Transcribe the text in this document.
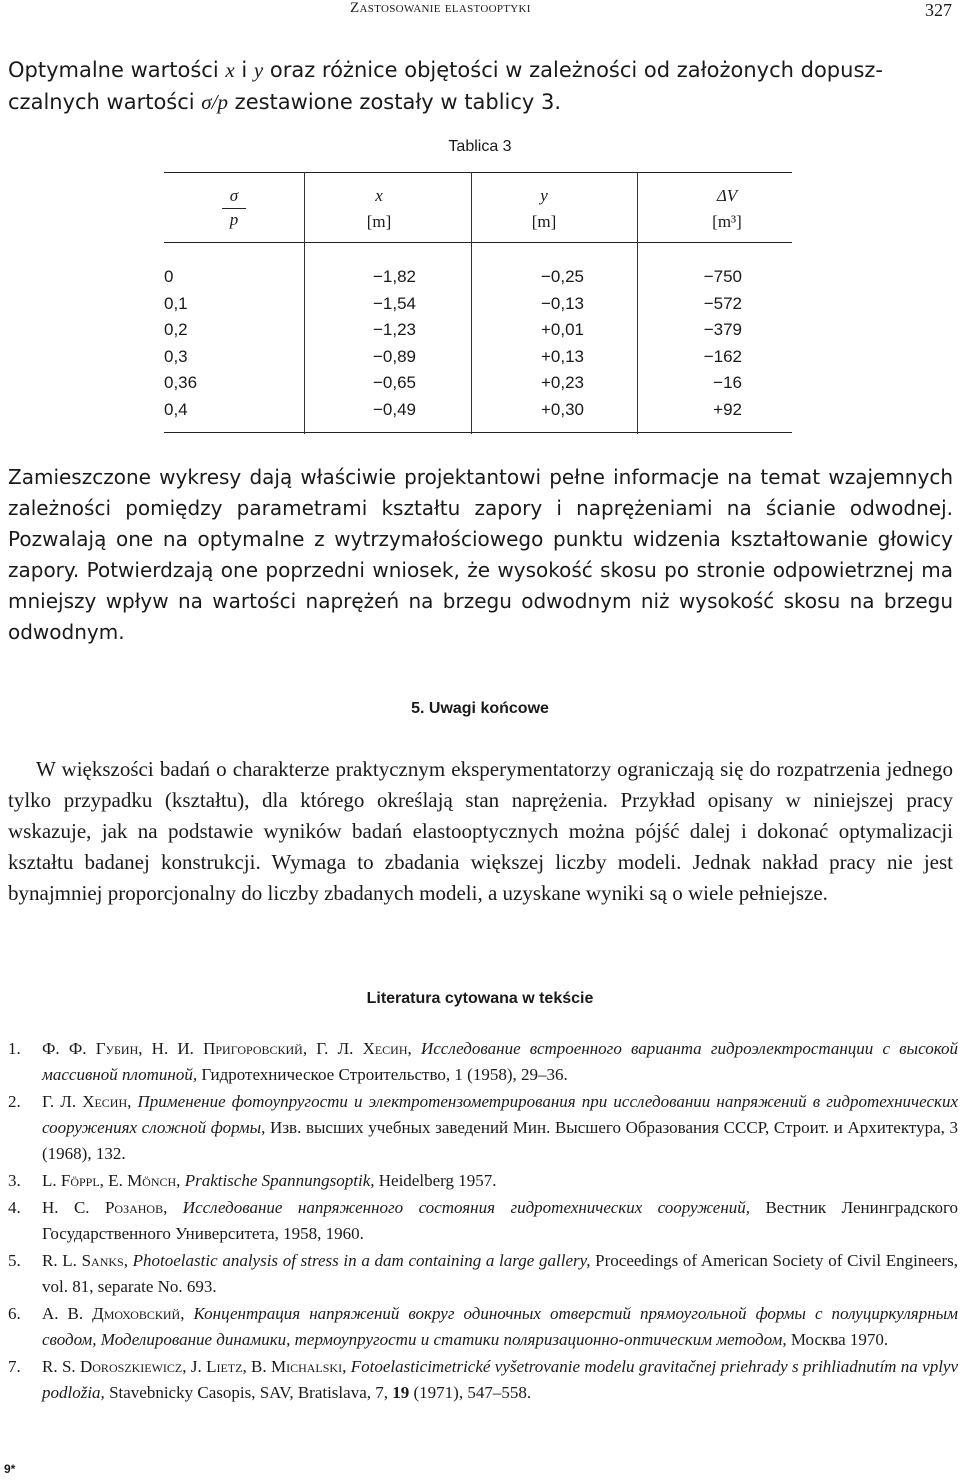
Zastosowanie elastooptyki	327
Optymalne wartości x i y oraz różnice objętości w zależności od założonych dopusz-
czalnych wartości σ/p zestawione zostały w tablicy 3.
Tablica 3
σ
p
x
[m]
y
[m]
ΔV
[m³]
0
0,1
0,2
0,3
0,36
0,4
−1,82
−1,54
−1,23
−0,89
−0,65
−0,49
−0,25
−0,13
+0,01
+0,13
+0,23
+0,30
−750
−572
−379
−162
−16
+92
Zamieszczone wykresy dają właściwie projektantowi pełne informacje na temat wzajemnych zależności pomiędzy parametrami kształtu zapory i naprężeniami na ścianie odwodnej. Pozwalają one na optymalne z wytrzymałościowego punktu widzenia kształtowanie głowicy zapory. Potwierdzają one poprzedni wniosek, że wysokość skosu po stronie odpowietrznej ma mniejszy wpływ na wartości naprężeń na brzegu odwodnym niż wysokość skosu na brzegu odwodnym.
5. Uwagi końcowe
W większości badań o charakterze praktycznym eksperymentatorzy ograniczają się do rozpatrzenia jednego tylko przypadku (kształtu), dla którego określają stan naprężenia. Przykład opisany w niniejszej pracy wskazuje, jak na podstawie wyników badań elastooptycznych można pójść dalej i dokonać optymalizacji kształtu badanej konstrukcji. Wymaga to zbadania większej liczby modeli. Jednak nakład pracy nie jest bynajmniej proporcjonalny do liczby zbadanych modeli, a uzyskane wyniki są o wiele pełniejsze.
Literatura cytowana w tekście
1. Ф. Ф. Губин, Н. И. Пригоровский, Г. Л. Хесин, Исследование встроенного варианта гидроэлектростанции с высокой массивной плотиной, Гидротехническое Строительство, 1 (1958), 29–36.
2. Г. Л. Хесин, Применение фотоупругости и электротензометрирования при исследовании напряжений в гидротехнических сооружениях сложной формы, Изв. высших учебных заведений Мин. Высшего Образования СССР, Строит. и Архитектура, 3 (1968), 132.
3. L. Föppl, E. Mönch, Praktische Spannungsoptik, Heidelberg 1957.
4. Н. С. Розанов, Исследование напряженного состояния гидротехнических сооружений, Вестник Ленинградского Государственного Университета, 1958, 1960.
5. R. L. Sanks, Photoelastic analysis of stress in a dam containing a large gallery, Proceedings of American Society of Civil Engineers, vol. 81, separate No. 693.
6. А. В. Дмоховский, Концентрация напряжений вокруг одиночных отверстий прямоугольной формы с полуциркулярным сводом, Моделирование динамики, термоупругости и статики поляризационно-оптическим методом, Москва 1970.
7. R. S. Doroszkiewicz, J. Lietz, B. Michalski, Fotoelasticimetrické vyšetrovanie modelu gravitačnej priehrady s prihliadnutím na vplyv podložia, Stavebnicky Casopis, SAV, Bratislava, 7, 19 (1971), 547–558.
9*
